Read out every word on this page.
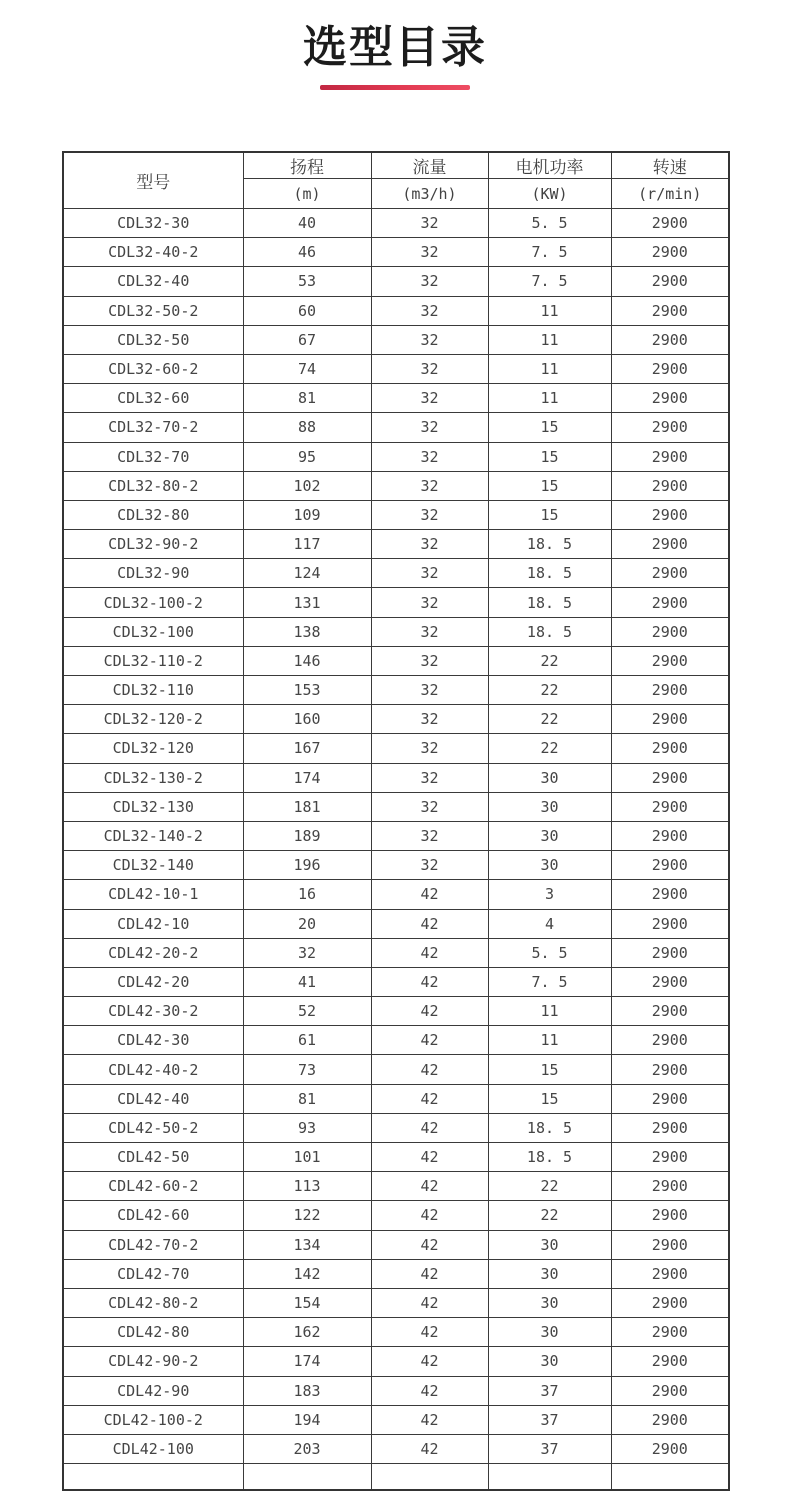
选型目录
型号	扬程	流量	电机功率	转速
	(m)	(m3/h)	(KW)	(r/min)
CDL32-30	40	32	5. 5	2900
CDL32-40-2	46	32	7. 5	2900
CDL32-40	53	32	7. 5	2900
CDL32-50-2	60	32	11	2900
CDL32-50	67	32	11	2900
CDL32-60-2	74	32	11	2900
CDL32-60	81	32	11	2900
CDL32-70-2	88	32	15	2900
CDL32-70	95	32	15	2900
CDL32-80-2	102	32	15	2900
CDL32-80	109	32	15	2900
CDL32-90-2	117	32	18. 5	2900
CDL32-90	124	32	18. 5	2900
CDL32-100-2	131	32	18. 5	2900
CDL32-100	138	32	18. 5	2900
CDL32-110-2	146	32	22	2900
CDL32-110	153	32	22	2900
CDL32-120-2	160	32	22	2900
CDL32-120	167	32	22	2900
CDL32-130-2	174	32	30	2900
CDL32-130	181	32	30	2900
CDL32-140-2	189	32	30	2900
CDL32-140	196	32	30	2900
CDL42-10-1	16	42	3	2900
CDL42-10	20	42	4	2900
CDL42-20-2	32	42	5. 5	2900
CDL42-20	41	42	7. 5	2900
CDL42-30-2	52	42	11	2900
CDL42-30	61	42	11	2900
CDL42-40-2	73	42	15	2900
CDL42-40	81	42	15	2900
CDL42-50-2	93	42	18. 5	2900
CDL42-50	101	42	18. 5	2900
CDL42-60-2	113	42	22	2900
CDL42-60	122	42	22	2900
CDL42-70-2	134	42	30	2900
CDL42-70	142	42	30	2900
CDL42-80-2	154	42	30	2900
CDL42-80	162	42	30	2900
CDL42-90-2	174	42	30	2900
CDL42-90	183	42	37	2900
CDL42-100-2	194	42	37	2900
CDL42-100	203	42	37	2900
